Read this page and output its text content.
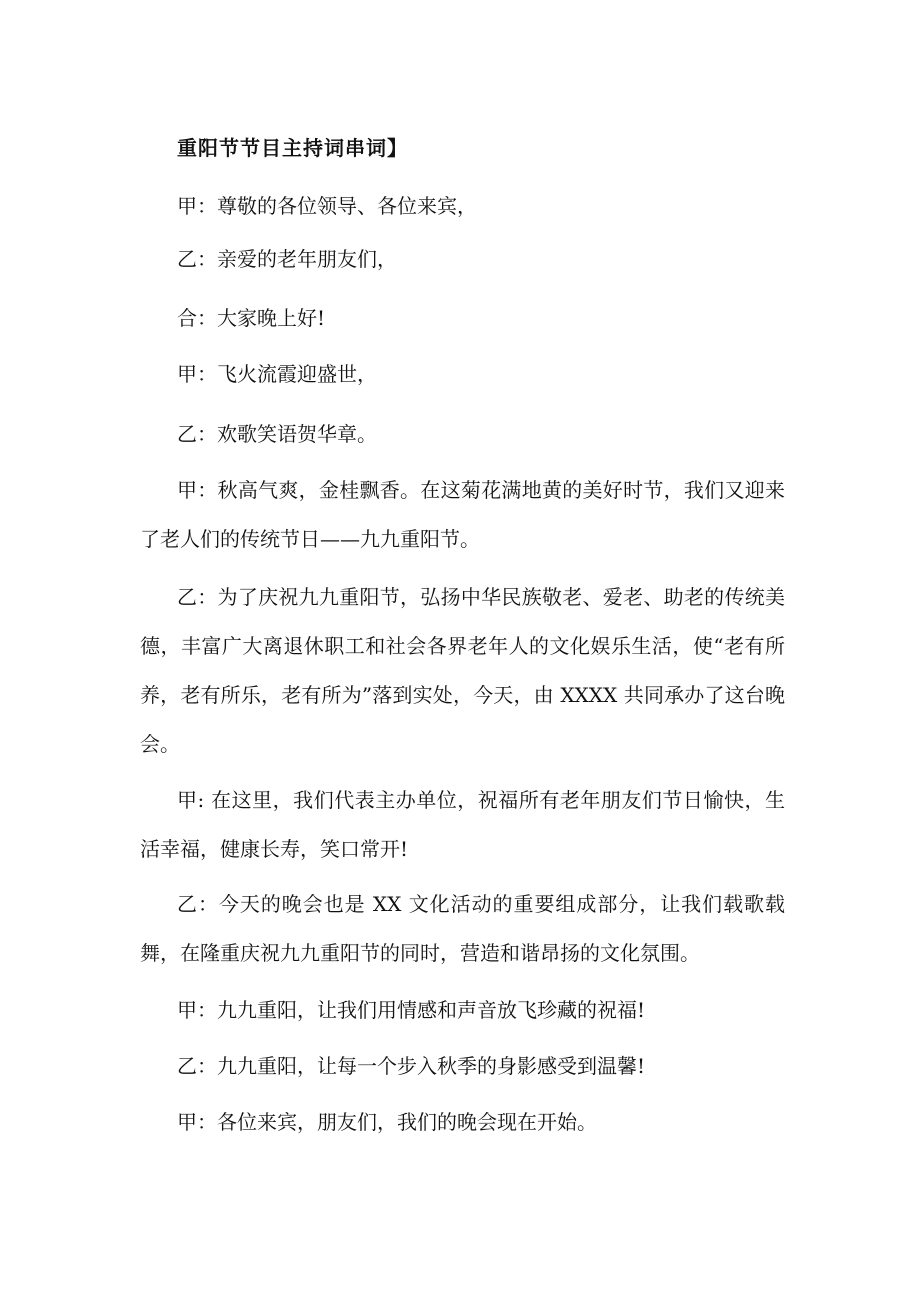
重阳节节目主持词串词】

甲：尊敬的各位领导、各位来宾，

乙：亲爱的老年朋友们，

合：大家晚上好!

甲：飞火流霞迎盛世，

乙：欢歌笑语贺华章。

甲：秋高气爽，金桂飘香。在这菊花满地黄的美好时节，我们又迎来了老人们的传统节日——九九重阳节。

乙：为了庆祝九九重阳节，弘扬中华民族敬老、爱老、助老的传统美德，丰富广大离退休职工和社会各界老年人的文化娱乐生活，使“老有所养，老有所乐，老有所为”落到实处，今天，由 XXXX 共同承办了这台晚会。

甲: 在这里，我们代表主办单位，祝福所有老年朋友们节日愉快，生活幸福，健康长寿，笑口常开!

乙：今天的晚会也是 XX 文化活动的重要组成部分，让我们载歌载舞，在隆重庆祝九九重阳节的同时，营造和谐昂扬的文化氛围。

甲：九九重阳，让我们用情感和声音放飞珍藏的祝福!

乙：九九重阳，让每一个步入秋季的身影感受到温馨!

甲：各位来宾，朋友们，我们的晚会现在开始。
